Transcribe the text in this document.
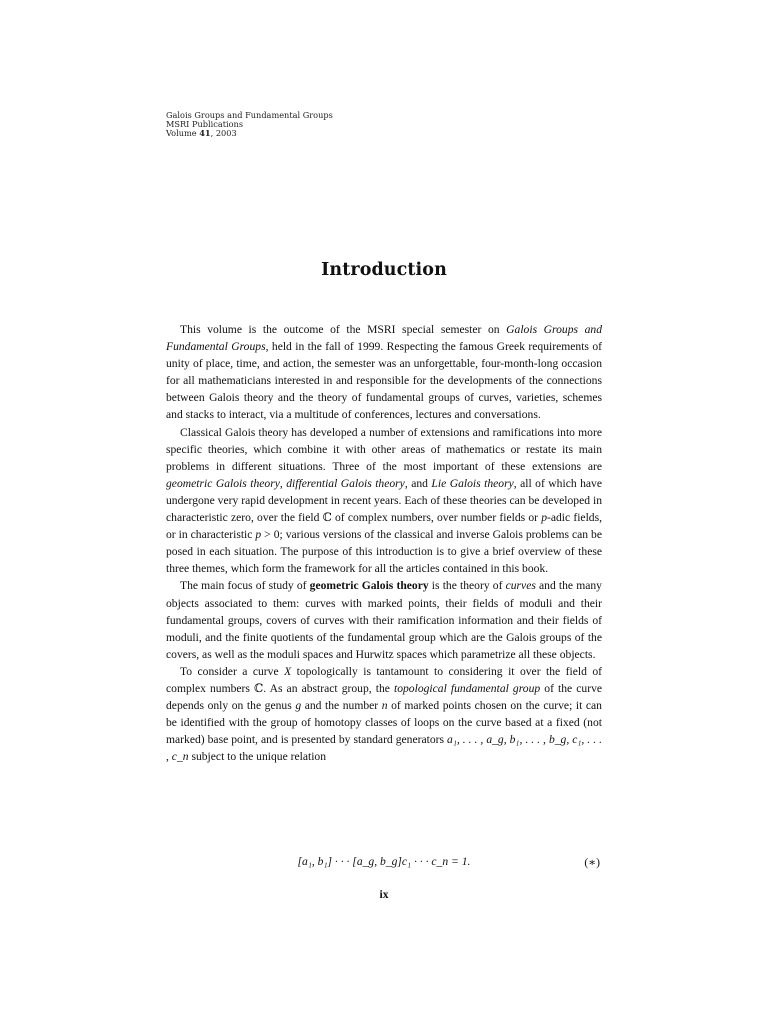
Galois Groups and Fundamental Groups
MSRI Publications
Volume 41, 2003
Introduction

This volume is the outcome of the MSRI special semester on Galois Groups and Fundamental Groups, held in the fall of 1999. Respecting the famous Greek requirements of unity of place, time, and action, the semester was an unforgettable, four-month-long occasion for all mathematicians interested in and responsible for the developments of the connections between Galois theory and the theory of fundamental groups of curves, varieties, schemes and stacks to interact, via a multitude of conferences, lectures and conversations.

Classical Galois theory has developed a number of extensions and ramifications into more specific theories, which combine it with other areas of mathematics or restate its main problems in different situations. Three of the most important of these extensions are geometric Galois theory, differential Galois theory, and Lie Galois theory, all of which have undergone very rapid development in recent years. Each of these theories can be developed in characteristic zero, over the field ℂ of complex numbers, over number fields or p-adic fields, or in characteristic p > 0; various versions of the classical and inverse Galois problems can be posed in each situation. The purpose of this introduction is to give a brief overview of these three themes, which form the framework for all the articles contained in this book.

The main focus of study of geometric Galois theory is the theory of curves and the many objects associated to them: curves with marked points, their fields of moduli and their fundamental groups, covers of curves with their ramification information and their fields of moduli, and the finite quotients of the fundamental group which are the Galois groups of the covers, as well as the moduli spaces and Hurwitz spaces which parametrize all these objects.

To consider a curve X topologically is tantamount to considering it over the field of complex numbers ℂ. As an abstract group, the topological fundamental group of the curve depends only on the genus g and the number n of marked points chosen on the curve; it can be identified with the group of homotopy classes of loops on the curve based at a fixed (not marked) base point, and is presented by standard generators a₁, . . . , a_g, b₁, . . . , b_g, c₁, . . . , c_n subject to the unique relation

[a₁, b₁] · · · [a_g, b_g]c₁ · · · c_n = 1.	(∗)
ix
